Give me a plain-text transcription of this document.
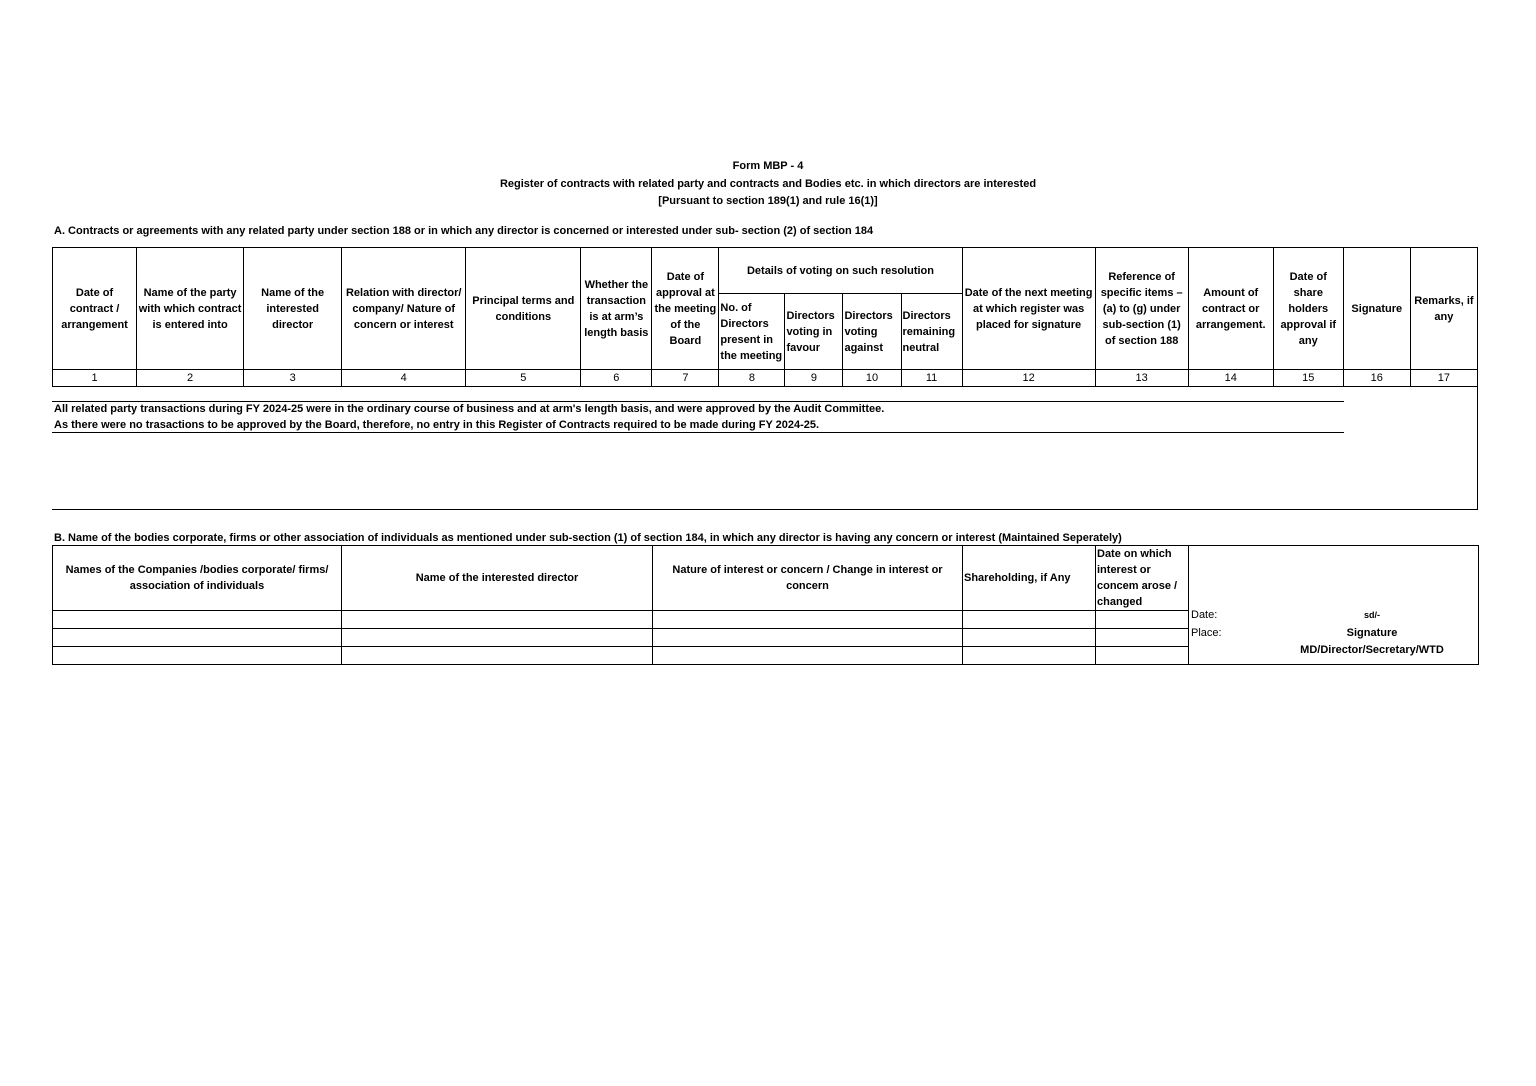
Form MBP - 4
Register of contracts with related party and contracts and Bodies etc. in which directors are interested
[Pursuant to section 189(1) and rule 16(1)]
A. Contracts or agreements with any related party under section 188 or in which any director is concerned or interested under sub- section (2) of section 184
Date of contract / arrangement	Name of the party with which contract is entered into	Name of the interested director	Relation with director/ company/ Nature of concern or interest	Principal terms and conditions	Whether the transaction is at arm’s length basis	Date of approval at the meeting of the Board	Details of voting on such resolution				Date of the next meeting at which register was placed for signature	Reference of specific items – (a) to (g) under sub-section (1) of section 188	Amount of contract or arrangement.	Date of share holders approval if any	Signature	Remarks, if any
							No. of Directors present in the meeting	Directors voting in favour	Directors voting against	Directors remaining neutral						
1	2	3	4	5	6	7	8	9	10	11	12	13	14	15	16	17
All related party transactions during FY 2024-25 were in the ordinary course of business and at arm's length basis, and were approved by the Audit Committee.
As there were no trasactions to be approved by the Board, therefore, no entry in this Register of Contracts required to be made during FY 2024-25.
B. Name of the bodies corporate, firms or other association of individuals as mentioned under sub-section (1) of section 184, in which any director is having any concern or interest (Maintained Seperately)
Names of the Companies /bodies corporate/ firms/ association of individuals	Name of the interested director	Nature of interest or concern / Change in interest or concern	Shareholding, if Any	Date on which interest or concem arose / changed	

Date:
Place:
sd/-
Signature
MD/Director/Secretary/WTD
